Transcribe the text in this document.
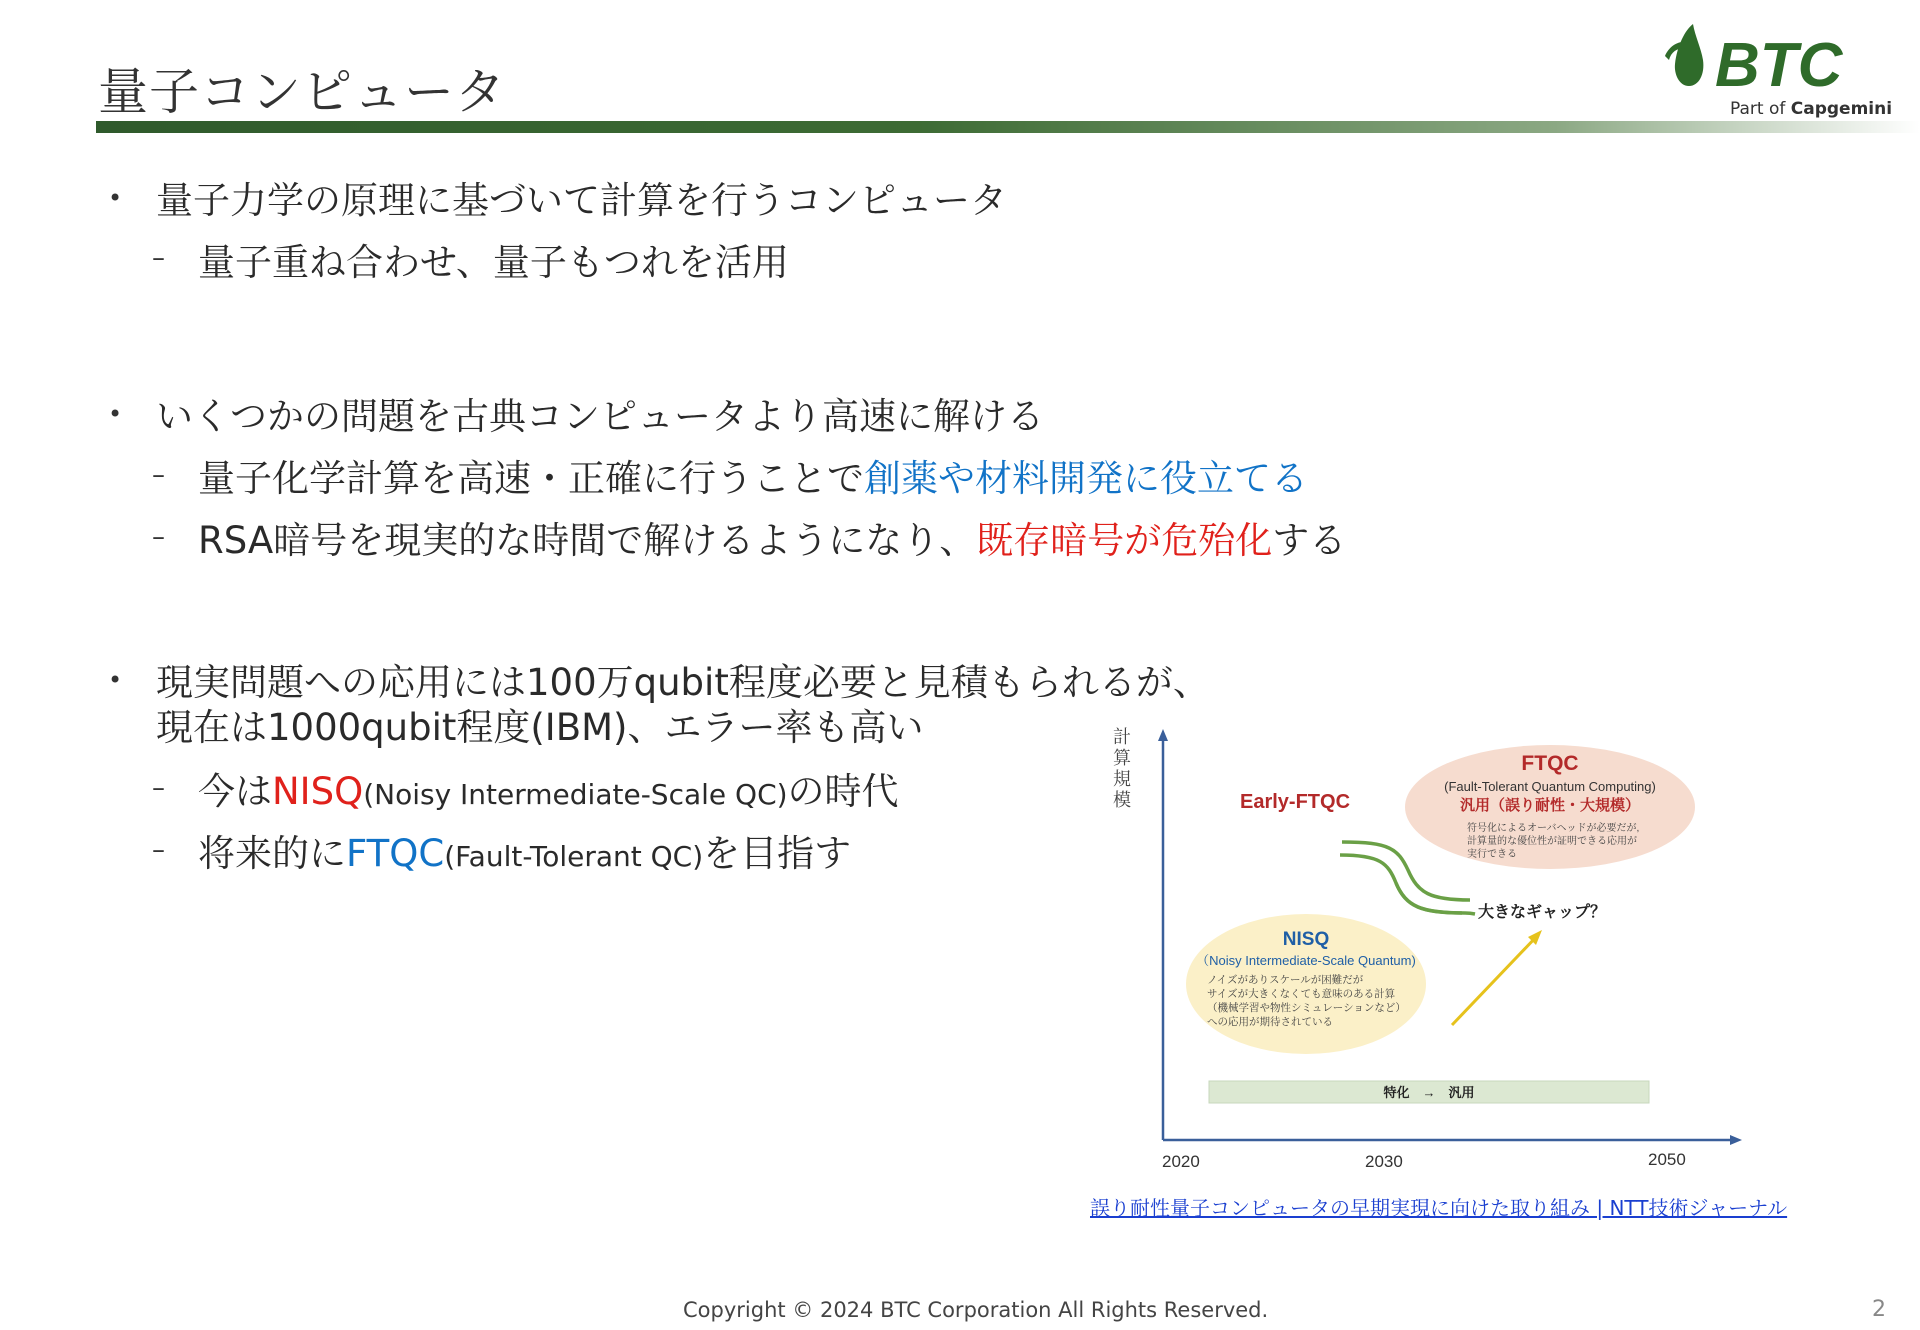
量子コンピュータ	BTC
Part of Capgemini
• 量子力学の原理に基づいて計算を行うコンピュータ
– 量子重ね合わせ、量子もつれを活用
• いくつかの問題を古典コンピュータより高速に解ける
– 量子化学計算を高速・正確に行うことで創薬や材料開発に役立てる
– RSA暗号を現実的な時間で解けるようになり、既存暗号が危殆化する
• 現実問題への応用には100万qubit程度必要と見積もられるが、
現在は1000qubit程度(IBM)、エラー率も高い
– 今はNISQ(Noisy Intermediate-Scale QC)の時代
– 将来的にFTQC(Fault-Tolerant QC)を目指す
計
算
規
模
2020	2030	2050
FTQC
(Fault-Tolerant Quantum Computing)
汎用（誤り耐性・大規模）
符号化によるオーバヘッドが必要だが,
計算量的な優位性が証明できる応用が
実行できる
Early-FTQC
大きなギャップ？
NISQ
（Noisy Intermediate-Scale Quantum)
ノイズがありスケールが困難だが
サイズが大きくなくても意味のある計算
（機械学習や物性シミュレーションなど）
への応用が期待されている
特化　→　汎用
誤り耐性量子コンピュータの早期実現に向けた取り組み | NTT技術ジャーナル
Copyright © 2024 BTC Corporation All Rights Reserved.	2
